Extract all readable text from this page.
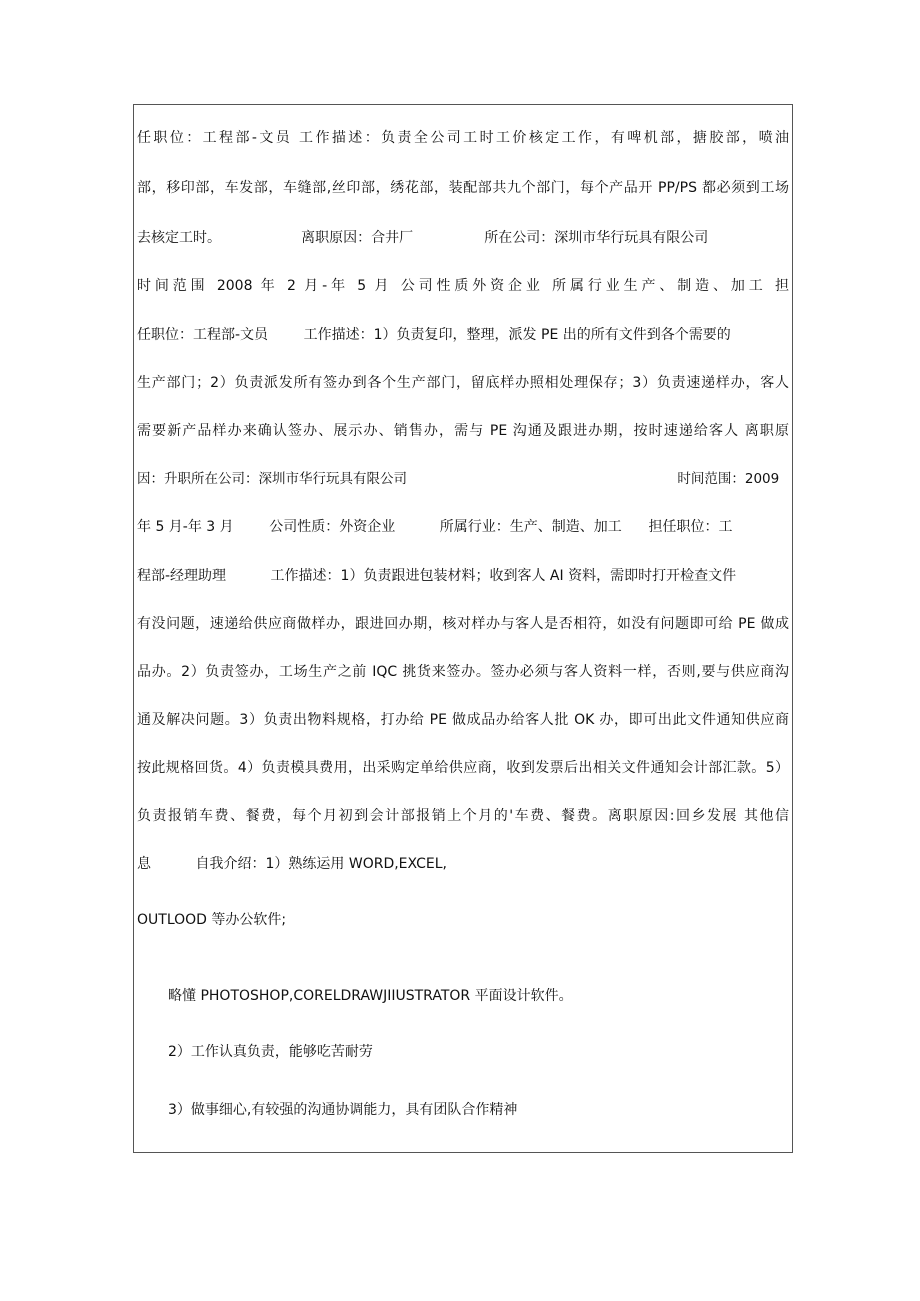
任职位：工程部-文员 工作描述：负责全公司工时工价核定工作，有啤机部，搪胶部，喷油
部，移印部，车发部，车缝部,丝印部，绣花部，装配部共九个部门，每个产品开 PP/PS 都必须到工场
去核定工时。                  离职原因：合井厂                所在公司：深圳市华行玩具有限公司
时间范围 2008 年 2 月-年 5 月 公司性质外资企业 所属行业生产、制造、加工 担
任职位：工程部-文员        工作描述：1）负责复印，整理，派发 PE 出的所有文件到各个需要的
生产部门；2）负责派发所有签办到各个生产部门，留底样办照相处理保存；3）负责速递样办，客人
需要新产品样办来确认签办、展示办、销售办，需与 PE 沟通及跟进办期，按时速递给客人 离职原
因：升职所在公司：深圳市华行玩具有限公司                                                               时间范围：2009
年 5 月-年 3 月        公司性质：外资企业          所属行业：生产、制造、加工      担任职位：工
程部-经理助理          工作描述：1）负责跟进包装材料；收到客人 AI 资料，需即时打开检查文件
有没问题，速递给供应商做样办，跟进回办期，核对样办与客人是否相符，如没有问题即可给 PE 做成
品办。2）负责签办，工场生产之前 IQC 挑货来签办。签办必须与客人资料一样，否则,要与供应商沟
通及解决问题。3）负责出物料规格，打办给 PE 做成品办给客人批 OK 办，即可出此文件通知供应商
按此规格回货。4）负责模具费用，出采购定单给供应商，收到发票后出相关文件通知会计部汇款。5）
负责报销车费、餐费，每个月初到会计部报销上个月的'车费、餐费。离职原因:回乡发展 其他信
息          自我介绍：1）熟练运用 WORD,EXCEL,
OUTLOOD 等办公软件;
略懂 PHOTOSHOP,CORELDRAWJIIUSTRATOR 平面设计软件。
2）工作认真负责，能够吃苦耐劳
3）做事细心,有较强的沟通协调能力，具有团队合作精神
